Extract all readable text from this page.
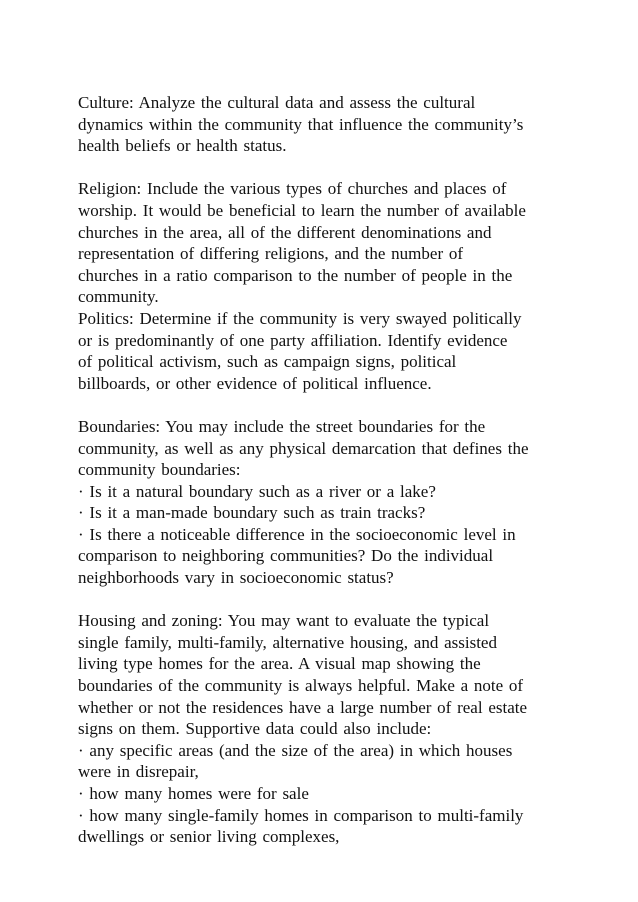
Culture: Analyze the cultural data and assess the cultural
dynamics within the community that influence the community’s
health beliefs or health status.
Religion: Include the various types of churches and places of
worship. It would be beneficial to learn the number of available
churches in the area, all of the different denominations and
representation of differing religions, and the number of
churches in a ratio comparison to the number of people in the
community.
Politics: Determine if the community is very swayed politically
or is predominantly of one party affiliation. Identify evidence
of political activism, such as campaign signs, political
billboards, or other evidence of political influence.
Boundaries: You may include the street boundaries for the
community, as well as any physical demarcation that defines the
community boundaries:
· Is it a natural boundary such as a river or a lake?
· Is it a man-made boundary such as train tracks?
· Is there a noticeable difference in the socioeconomic level in
comparison to neighboring communities? Do the individual
neighborhoods vary in socioeconomic status?
Housing and zoning: You may want to evaluate the typical
single family, multi-family, alternative housing, and assisted
living type homes for the area. A visual map showing the
boundaries of the community is always helpful. Make a note of
whether or not the residences have a large number of real estate
signs on them. Supportive data could also include:
· any specific areas (and the size of the area) in which houses
were in disrepair,
· how many homes were for sale
· how many single-family homes in comparison to multi-family
dwellings or senior living complexes,
